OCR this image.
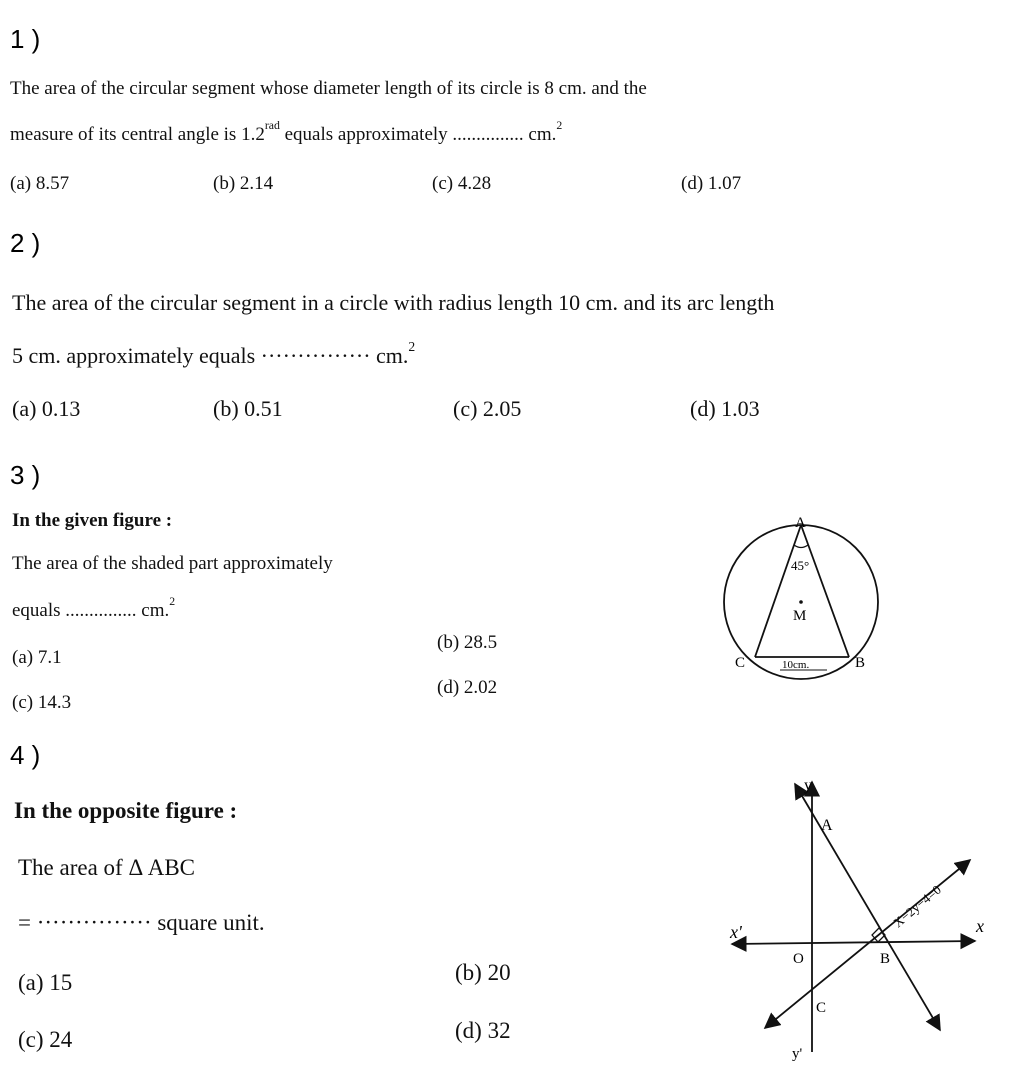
1 )
The area of the circular segment whose diameter length of its circle is 8 cm. and the
measure of its central angle is $1.2^{rad}$ equals approximately ............... cm.$^2$
(a) 8.57	(b) 2.14	(c) 4.28	(d) 1.07
2 )
The area of the circular segment in a circle with radius length 10 cm. and its arc length
5 cm. approximately equals ··············· cm.$^2$
(a) 0.13	(b) 0.51	(c) 2.05	(d) 1.03
3 )
In the given figure :
The area of the shaded part approximately
equals ............... cm.$^2$
(a) 7.1
(b) 28.5
(c) 14.3
(d) 2.02
A
45°
M
C	B
10cm.
4 )
In the opposite figure :
The area of Δ ABC
= ··············· square unit.
(a) 15	(b) 20
(c) 24	(d) 32
y
A
x'	x
O	B
C
y'
X−2y−4=0
